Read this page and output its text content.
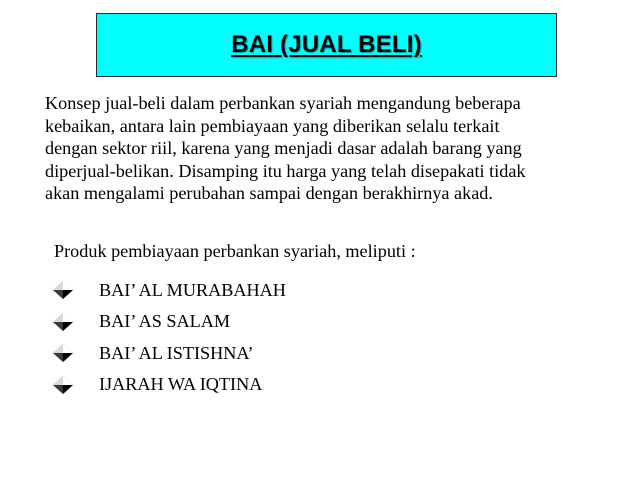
BAI (JUAL BELI)
Konsep jual-beli dalam perbankan syariah mengandung beberapa
kebaikan, antara lain pembiayaan yang diberikan selalu terkait
dengan sektor riil, karena yang menjadi dasar adalah barang yang
diperjual-belikan. Disamping itu harga yang telah disepakati tidak
akan mengalami perubahan sampai dengan berakhirnya akad.
Produk pembiayaan perbankan syariah, meliputi :
BAI’ AL MURABAHAH
BAI’ AS SALAM
BAI’ AL ISTISHNA’
IJARAH WA IQTINA
